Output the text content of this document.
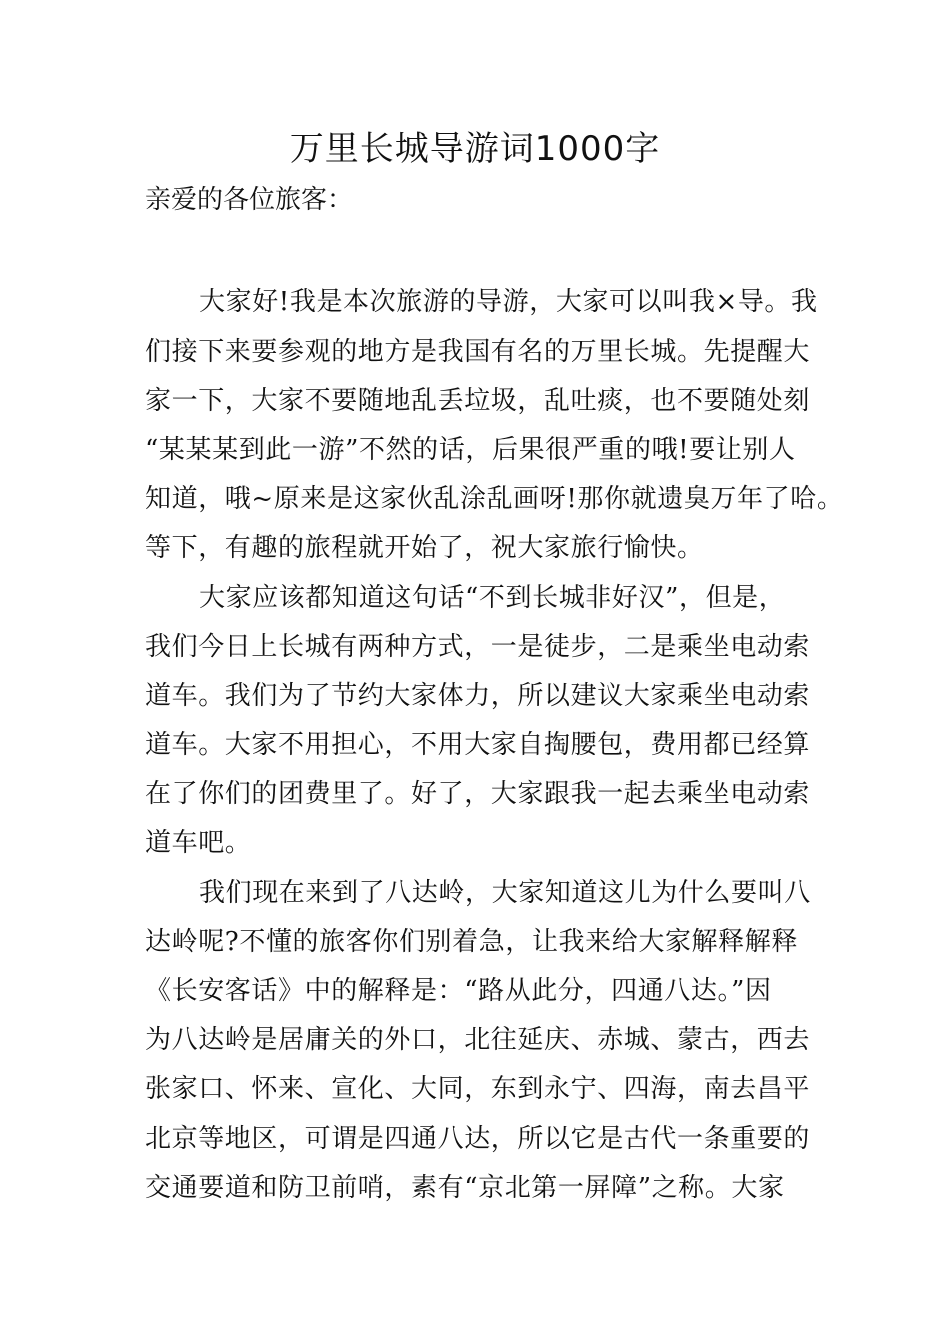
万里长城导游词1000字
亲爱的各位旅客：
大家好!我是本次旅游的导游，大家可以叫我×导。我
们接下来要参观的地方是我国有名的万里长城。先提醒大
家一下，大家不要随地乱丢垃圾，乱吐痰，也不要随处刻
“某某某到此一游”不然的话，后果很严重的哦!要让别人
知道，哦~原来是这家伙乱涂乱画呀!那你就遗臭万年了哈。
等下，有趣的旅程就开始了，祝大家旅行愉快。
大家应该都知道这句话“不到长城非好汉”，但是，
我们今日上长城有两种方式，一是徒步，二是乘坐电动索
道车。我们为了节约大家体力，所以建议大家乘坐电动索
道车。大家不用担心，不用大家自掏腰包，费用都已经算
在了你们的团费里了。好了，大家跟我一起去乘坐电动索
道车吧。
我们现在来到了八达岭，大家知道这儿为什么要叫八
达岭呢?不懂的旅客你们别着急，让我来给大家解释解释
《长安客话》中的解释是：“路从此分，四通八达。”因
为八达岭是居庸关的外口，北往延庆、赤城、蒙古，西去
张家口、怀来、宣化、大同，东到永宁、四海，南去昌平
北京等地区，可谓是四通八达，所以它是古代一条重要的
交通要道和防卫前哨，素有“京北第一屏障”之称。大家
